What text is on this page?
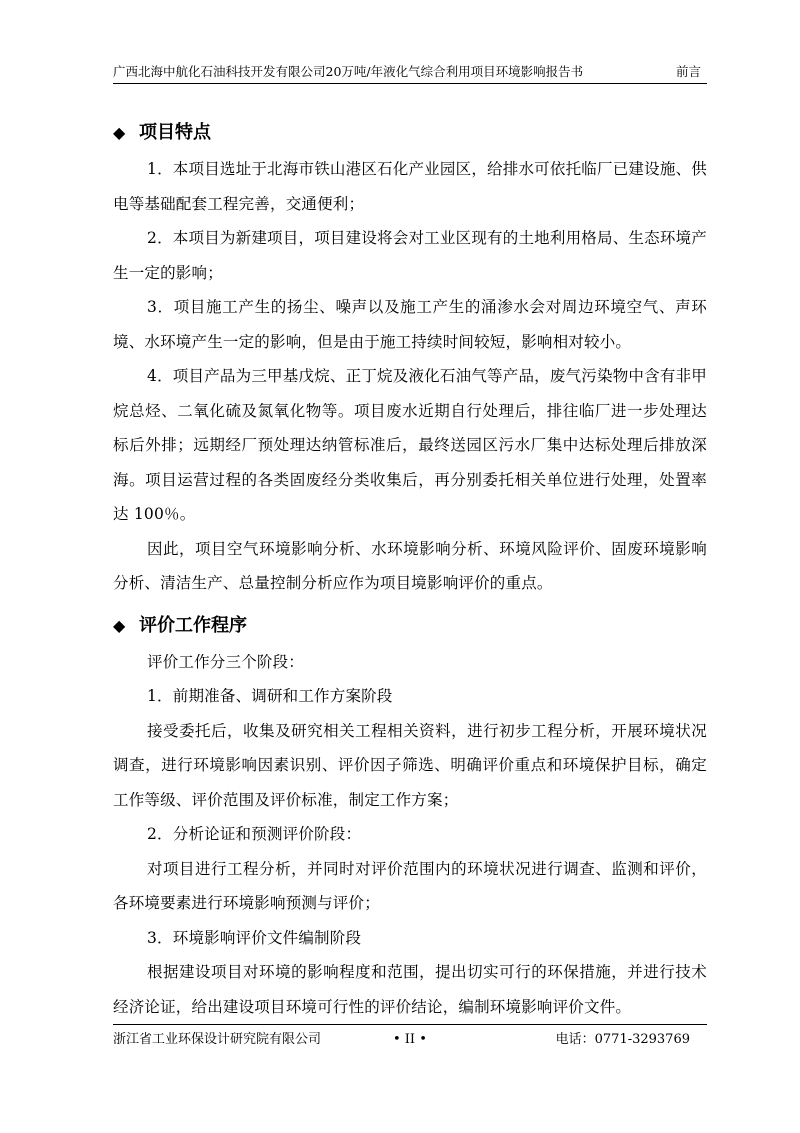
广西北海中航化石油科技开发有限公司20万吨/年液化气综合利用项目环境影响报告书	前言
◆ 项目特点

1．本项目选址于北海市铁山港区石化产业园区，给排水可依托临厂已建设施、供电等基础配套工程完善，交通便利；

2．本项目为新建项目，项目建设将会对工业区现有的土地利用格局、生态环境产生一定的影响；

3．项目施工产生的扬尘、噪声以及施工产生的涌渗水会对周边环境空气、声环境、水环境产生一定的影响，但是由于施工持续时间较短，影响相对较小。

4．项目产品为三甲基戊烷、正丁烷及液化石油气等产品，废气污染物中含有非甲烷总烃、二氧化硫及氮氧化物等。项目废水近期自行处理后，排往临厂进一步处理达标后外排；远期经厂预处理达纳管标准后，最终送园区污水厂集中达标处理后排放深海。项目运营过程的各类固废经分类收集后，再分别委托相关单位进行处理，处置率达 100％。

因此，项目空气环境影响分析、水环境影响分析、环境风险评价、固废环境影响分析、清洁生产、总量控制分析应作为项目境影响评价的重点。

◆ 评价工作程序

评价工作分三个阶段：

1．前期准备、调研和工作方案阶段

接受委托后，收集及研究相关工程相关资料，进行初步工程分析，开展环境状况调查，进行环境影响因素识别、评价因子筛选、明确评价重点和环境保护目标，确定工作等级、评价范围及评价标准，制定工作方案；

2．分析论证和预测评价阶段：

对项目进行工程分析，并同时对评价范围内的环境状况进行调查、监测和评价，各环境要素进行环境影响预测与评价；

3．环境影响评价文件编制阶段

根据建设项目对环境的影响程度和范围，提出切实可行的环保措施，并进行技术经济论证，给出建设项目环境可行性的评价结论，编制环境影响评价文件。

浙江省工业环保设计研究院有限公司	• II •	电话：0771-3293769
